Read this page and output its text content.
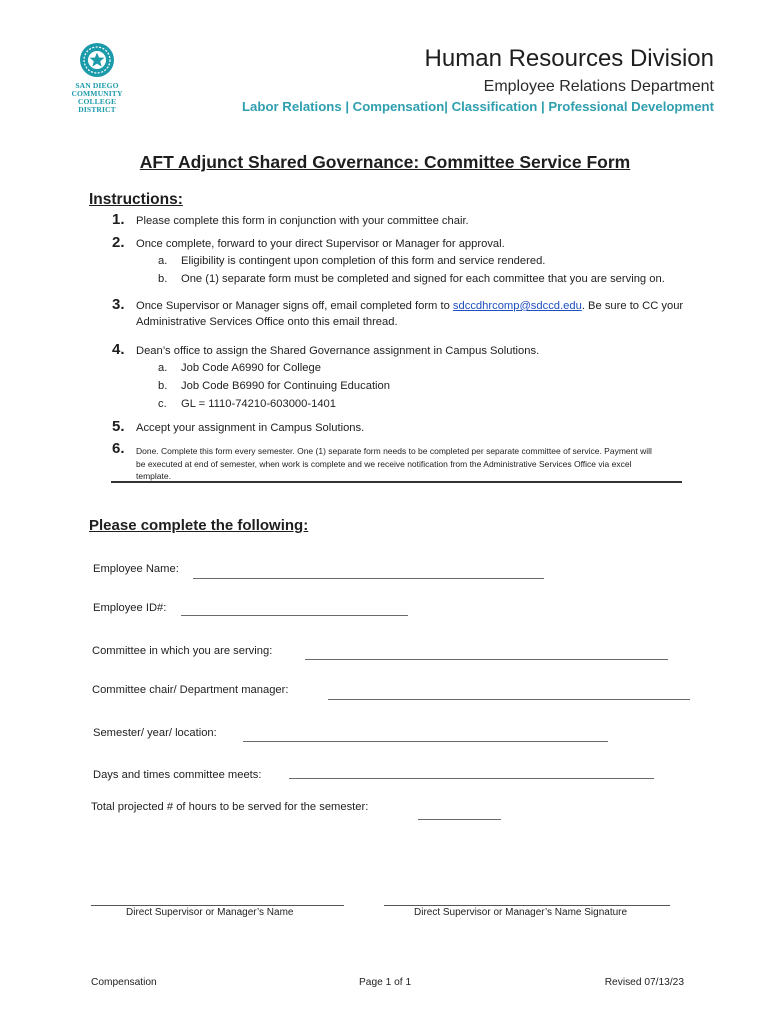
SAN DIEGO
COMMUNITY COLLEGE
DISTRICT
Human Resources Division
Employee Relations Department
Labor Relations | Compensation| Classification | Professional Development
AFT Adjunct Shared Governance: Committee Service Form
Instructions:
1. Please complete this form in conjunction with your committee chair.
2. Once complete, forward to your direct Supervisor or Manager for approval.
a. Eligibility is contingent upon completion of this form and service rendered.
b. One (1) separate form must be completed and signed for each committee that you are serving on.
3. Once Supervisor or Manager signs off, email completed form to sdccdhrcomp@sdccd.edu. Be sure to CC your
Administrative Services Office onto this email thread.
4. Dean’s office to assign the Shared Governance assignment in Campus Solutions.
a. Job Code A6990 for College
b. Job Code B6990 for Continuing Education
c. GL = 1110-74210-603000-1401
5. Accept your assignment in Campus Solutions.
6. Done. Complete this form every semester. One (1) separate form needs to be completed per separate committee of service. Payment will
be executed at end of semester, when work is complete and we receive notification from the Administrative Services Office via excel
template.
Please complete the following:
Employee Name:
Employee ID#:
Committee in which you are serving:
Committee chair/ Department manager:
Semester/ year/ location:
Days and times committee meets:
Total projected # of hours to be served for the semester:
Direct Supervisor or Manager’s Name	Direct Supervisor or Manager’s Name Signature
Compensation	Page 1 of 1	Revised 07/13/23
